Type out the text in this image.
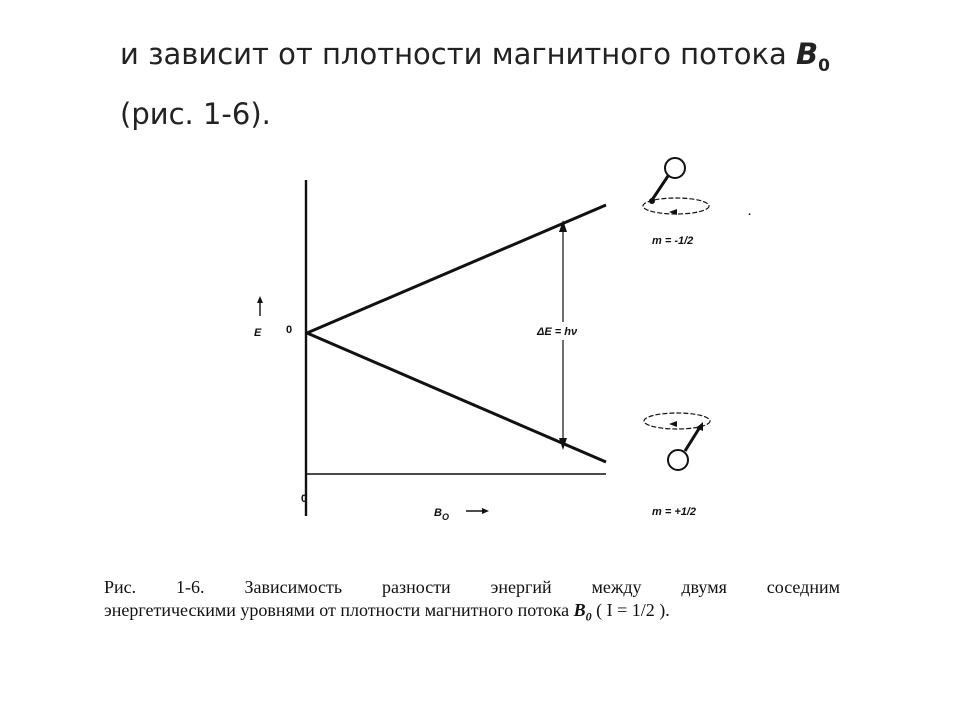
и зависит от плотности магнитного потока $B_0$
(рис. 1-6).
ΔE = hν
E 0
0
$B_O$
m = -1/2
·
m = +1/2
Рис. 1-6. Зависимость разности энергий между двумя соседним
энергетическими уровнями от плотности магнитного потока $B_0$ ( I = 1/2 ).
